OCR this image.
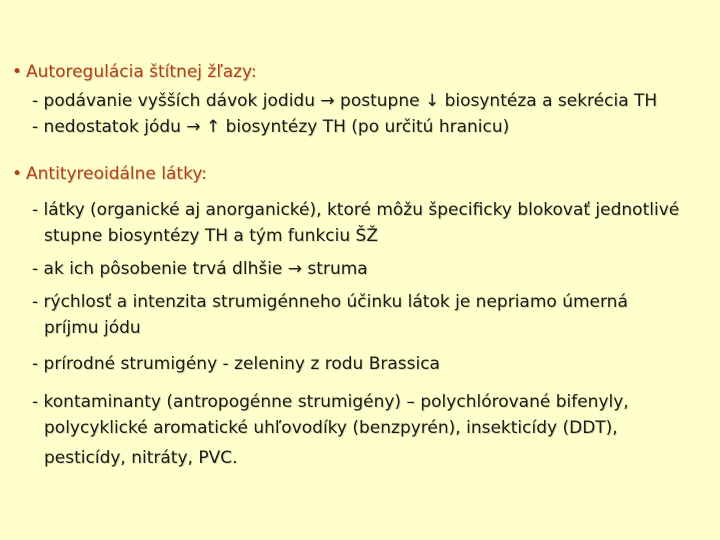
• Autoregulácia štítnej žľazy:
- podávanie vyšších dávok jodidu → postupne ↓ biosyntéza a sekrécia TH
- nedostatok jódu → ↑ biosyntézy TH (po určitú hranicu)
• Antityreoidálne látky:
- látky (organické aj anorganické), ktoré môžu špecificky blokovať jednotlivé
stupne biosyntézy TH a tým funkciu ŠŽ
- ak ich pôsobenie trvá dlhšie → struma
- rýchlosť a intenzita strumigénneho účinku látok je nepriamo úmerná
príjmu jódu
- prírodné strumigény - zeleniny z rodu Brassica
- kontaminanty (antropogénne strumigény) – polychlórované bifenyly,
polycyklické aromatické uhľovodíky (benzpyrén), insekticídy (DDT),
pesticídy, nitráty, PVC.
